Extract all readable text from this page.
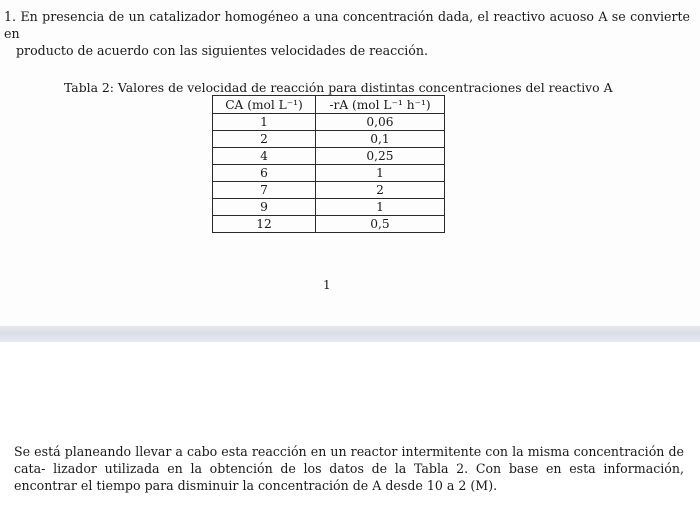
1. En presencia de un catalizador homogéneo a una concentración dada, el reactivo acuoso A se convierte en
producto de acuerdo con las siguientes velocidades de reacción.
Tabla 2: Valores de velocidad de reacción para distintas concentraciones del reactivo A
CA (mol L⁻¹)	-rA (mol L⁻¹ h⁻¹)
1	0,06
2	0,1
4	0,25
6	1
7	2
9	1
12	0,5
1
Se está planeando llevar a cabo esta reacción en un reactor intermitente con la misma concentración de cata- lizador utilizada en la obtención de los datos de la Tabla 2. Con base en esta información, encontrar el tiempo para disminuir la concentración de A desde 10 a 2 (M).
